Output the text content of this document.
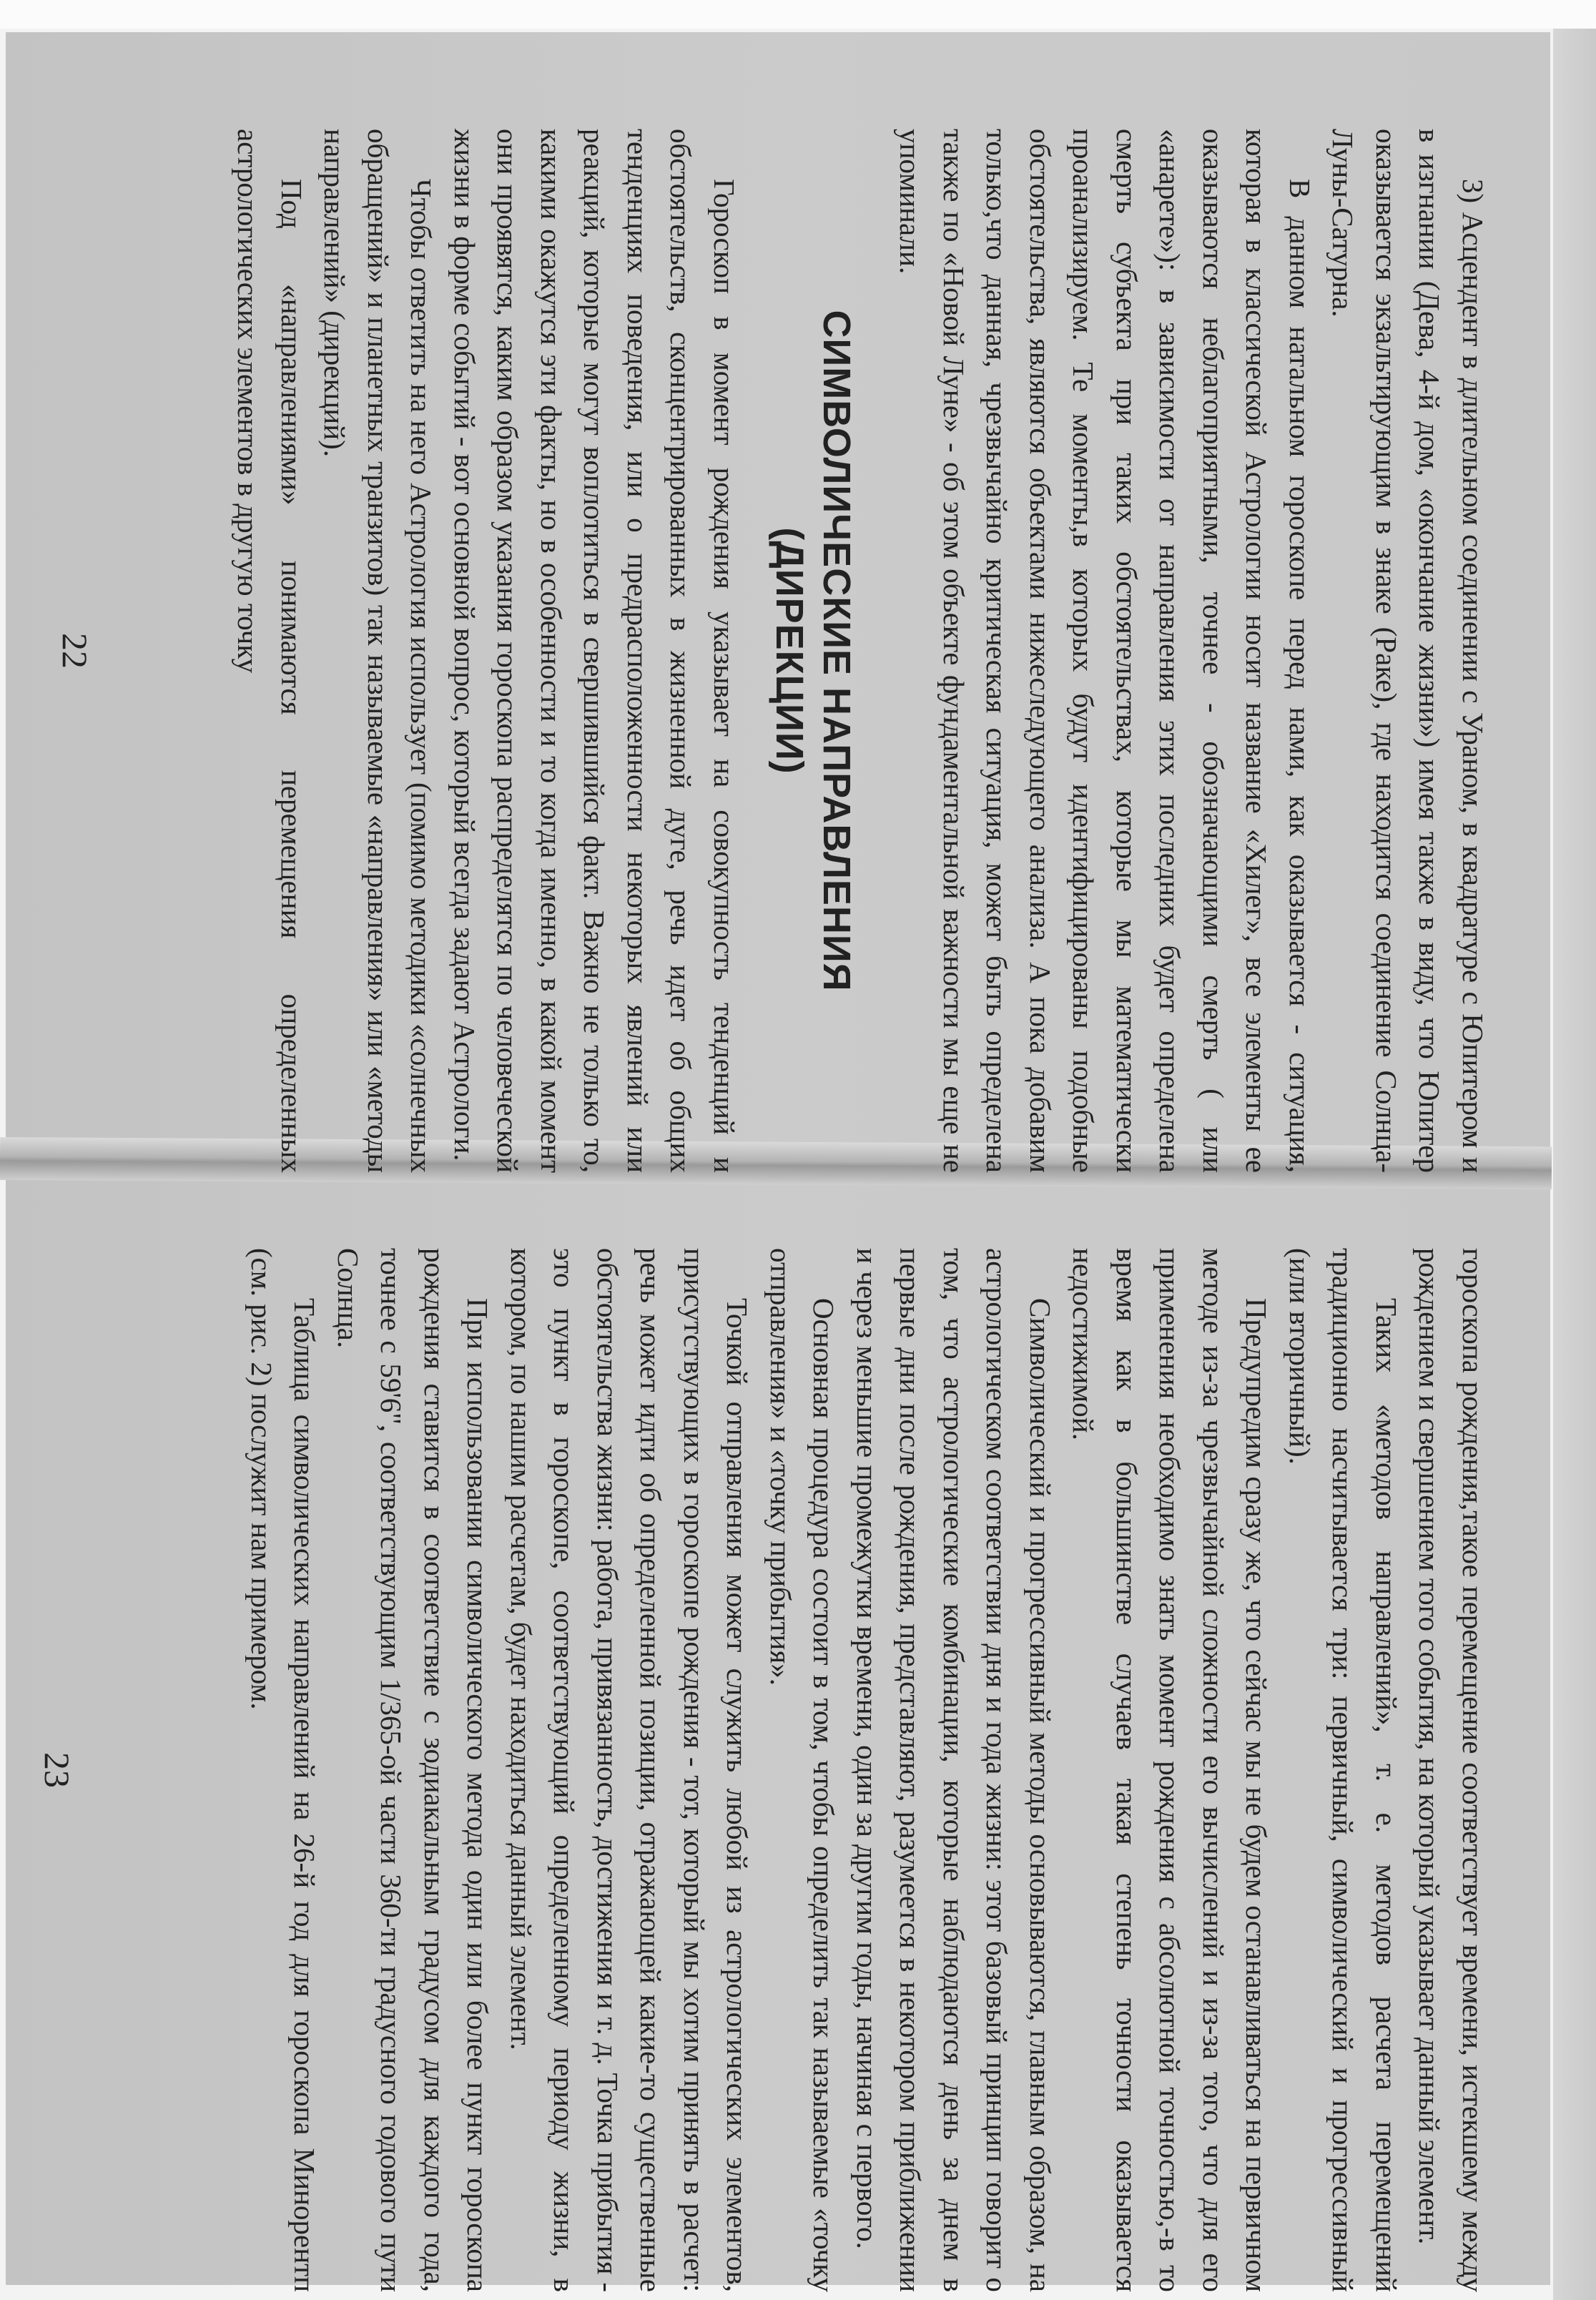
3) Асцендент в длительном соединении с Ураном, в квадратуре с Юпитером и в изгнании (Дева, 4-й дом, «окончание жизни») имея также в виду, что Юпитер оказывается экзальтирующим в знаке (Раке), где находится соединение Солнца-Луны-Сатурна.

В данном натальном гороскопе перед нами, как оказывается - ситуация, которая в классической Астрологии носит название «Хилег», все элементы ее оказываются неблагоприятными, точнее - обозначающими смерть ( или «анарете»): в зависимости от направления этих последних будет определена смерть субъекта при таких обстоятельствах, которые мы математически проанализируем. Те моменты,в которых будут идентифицированы подобные обстоятельства, являются объектами нижеследующего анализа. А пока добавим только,что данная, чрезвычайно критическая ситуация, может быть определена также по «Новой Луне» - об этом объекте фундаментальной важности мы еще не упоминали.

СИМВОЛИЧЕСКИЕ НАПРАВЛЕНИЯ
(ДИРЕКЦИИ)

Гороскоп в момент рождения указывает на совокупность тенденций и обстоятельств, сконцентрированных в жизненной дуге, речь идет об общих тенденциях поведения, или о предрасположенности некоторых явлений или реакций, которые могут воплотиться в свершившийся факт. Важно не только то, какими окажутся эти факты, но в особенности и то когда именно, в какой момент они проявятся, каким образом указания гороскопа распределятся по человеческой жизни в форме событий - вот основной вопрос, который всегда задают Астрологи.

Чтобы ответить на него Астрология использует (помимо методики «солнечных обращений» и планетных транзитов) так называемые «направления» или «методы направлений» (дирекций).

Под «направлениями» понимаются перемещения определенных астрологических элементов в другую точку

22

гороскопа рождения,такое перемещение соответствует времени, истекшему между рождением и свершением того события, на который указывает данный элемент.

Таких «методов направлений», т. е. методов расчета перемещений традиционно насчитывается три: первичный, символический и прогрессивный (или вторичный).

Предупредим сразу же, что сейчас мы не будем останавливаться на первичном методе из-за чрезвычайной сложности его вычислений и из-за того, что для его применения необходимо знать момент рождения с абсолютной точностью,-в то время как в большинстве случаев такая степень точности оказывается недостижимой.

Символический и прогрессивный методы основываются, главным образом, на астрологическом соответствии дня и года жизни: этот базовый принцип говорит о том, что астрологические комбинации, которые наблюдаются день за днем в первые дни после рождения, представляют, разумеется в некотором приближении и через меньшие промежутки времени, один за другим годы, начиная с первого.

Основная процедура состоит в том, чтобы определить так называемые «точку отправления» и «точку прибытия».

Точкой отправления может служить любой из астрологических элементов, присутствующих в гороскопе рождения - тот, который мы хотим принять в расчет: речь может идти об определенной позиции, отражающей какие-то существенные обстоятельства жизни: работа, привязанность, достижения и т. д. Точка прибытия - это пункт в гороскопе, соответствующий определенному периоду жизни, в котором, по нашим расчетам, будет находиться данный элемент.

При использовании символического метода один или более пункт гороскопа рождения ставится в соответствие с зодиакальным градусом для каждого года, точнее с 59'6", соответствующим 1/365-ой части 360-ти градусного годового пути Солнца.

Таблица символических направлений на 26-й год для гороскопа Минорентп (см. рис. 2) послужит нам примером.

23
